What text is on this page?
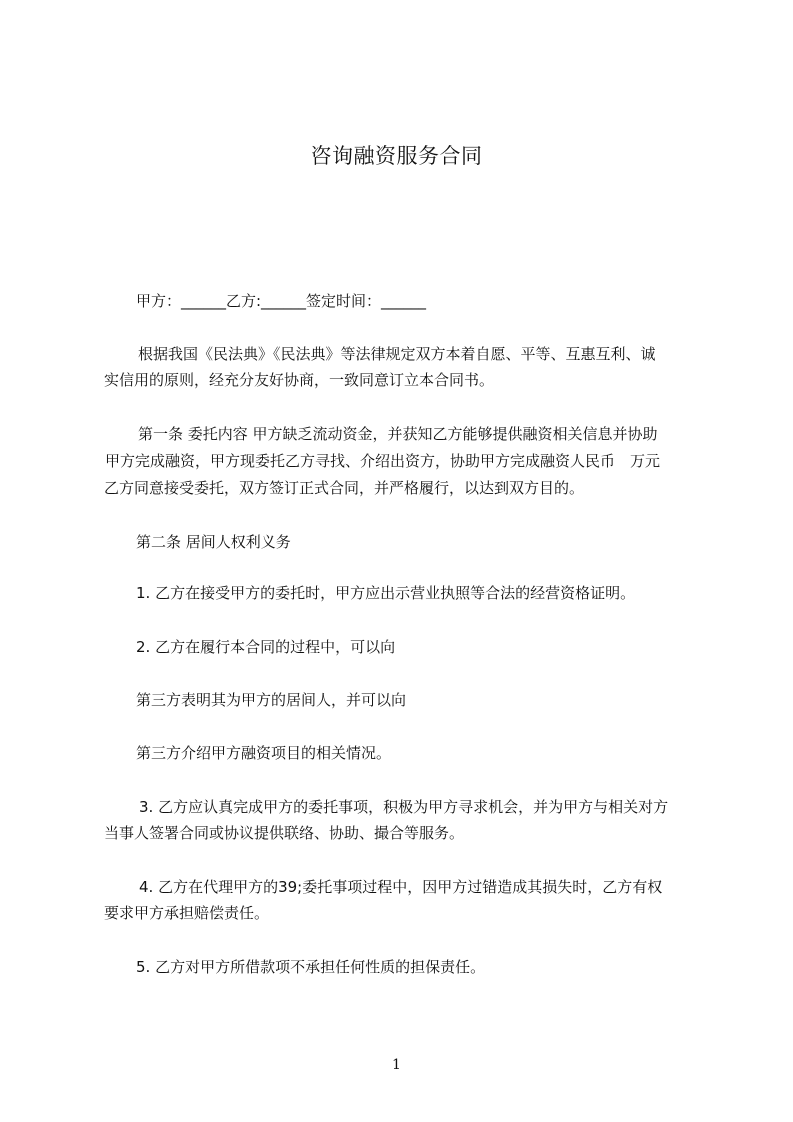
咨询融资服务合同
甲方：______乙方:______签定时间：______
根据我国《民法典》《民法典》等法律规定双方本着自愿、平等、互惠互利、诚
实信用的原则，经充分友好协商，一致同意订立本合同书。
第一条 委托内容 甲方缺乏流动资金，并获知乙方能够提供融资相关信息并协助
甲方完成融资，甲方现委托乙方寻找、介绍出资方，协助甲方完成融资人民币　万元
乙方同意接受委托，双方签订正式合同，并严格履行，以达到双方目的。
第二条 居间人权利义务
1. 乙方在接受甲方的委托时，甲方应出示营业执照等合法的经营资格证明。
2. 乙方在履行本合同的过程中，可以向
第三方表明其为甲方的居间人，并可以向
第三方介绍甲方融资项目的相关情况。
3. 乙方应认真完成甲方的委托事项，积极为甲方寻求机会，并为甲方与相关对方
当事人签署合同或协议提供联络、协助、撮合等服务。
4. 乙方在代理甲方的39;委托事项过程中，因甲方过错造成其损失时，乙方有权
要求甲方承担赔偿责任。
5. 乙方对甲方所借款项不承担任何性质的担保责任。
1
